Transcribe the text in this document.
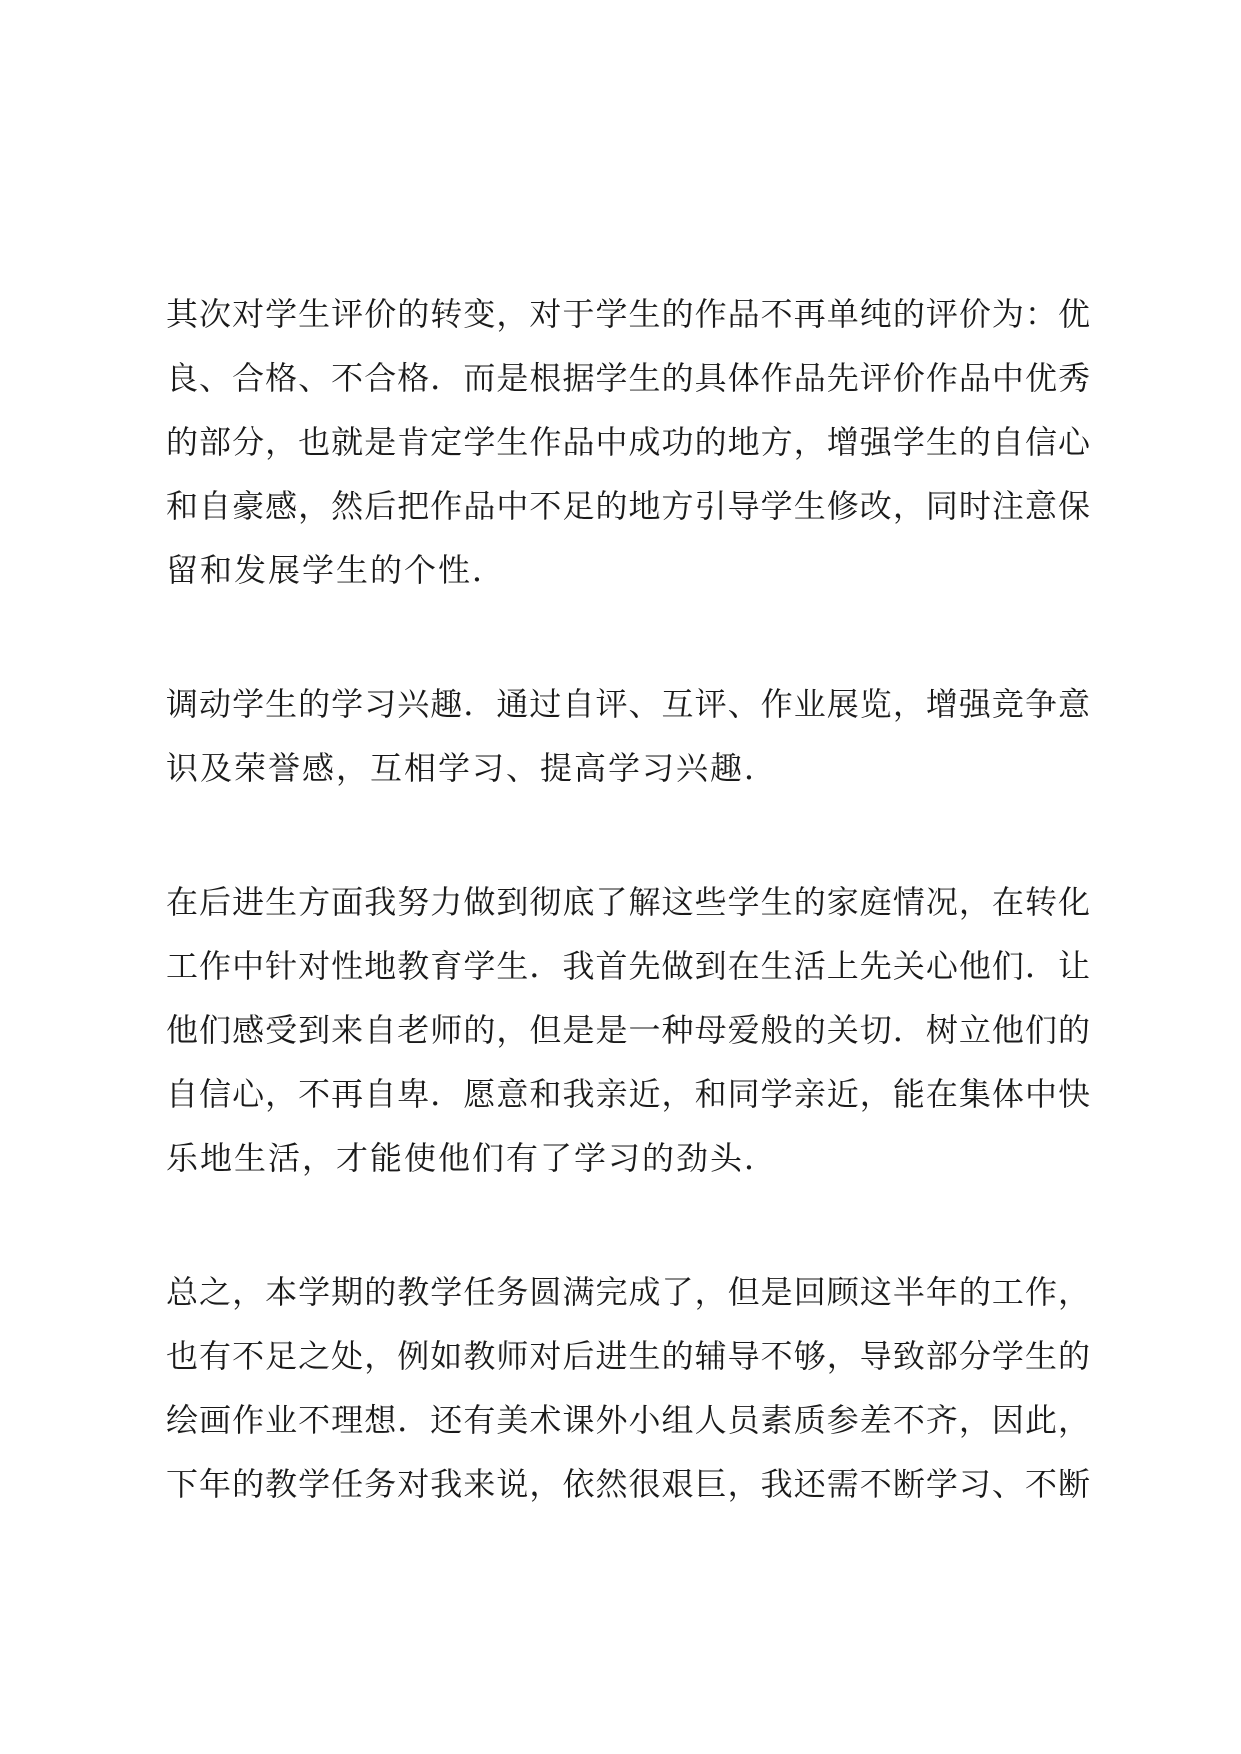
其次对学生评价的转变，对于学生的作品不再单纯的评价为：优
良、合格、不合格．而是根据学生的具体作品先评价作品中优秀
的部分，也就是肯定学生作品中成功的地方，增强学生的自信心
和自豪感，然后把作品中不足的地方引导学生修改，同时注意保
留和发展学生的个性．
调动学生的学习兴趣．通过自评、互评、作业展览，增强竞争意
识及荣誉感，互相学习、提高学习兴趣．
在后进生方面我努力做到彻底了解这些学生的家庭情况，在转化
工作中针对性地教育学生．我首先做到在生活上先关心他们．让
他们感受到来自老师的，但是是一种母爱般的关切．树立他们的
自信心，不再自卑．愿意和我亲近，和同学亲近，能在集体中快
乐地生活，才能使他们有了学习的劲头．
总之，本学期的教学任务圆满完成了，但是回顾这半年的工作，
也有不足之处，例如教师对后进生的辅导不够，导致部分学生的
绘画作业不理想．还有美术课外小组人员素质参差不齐，因此，
下年的教学任务对我来说，依然很艰巨，我还需不断学习、不断
